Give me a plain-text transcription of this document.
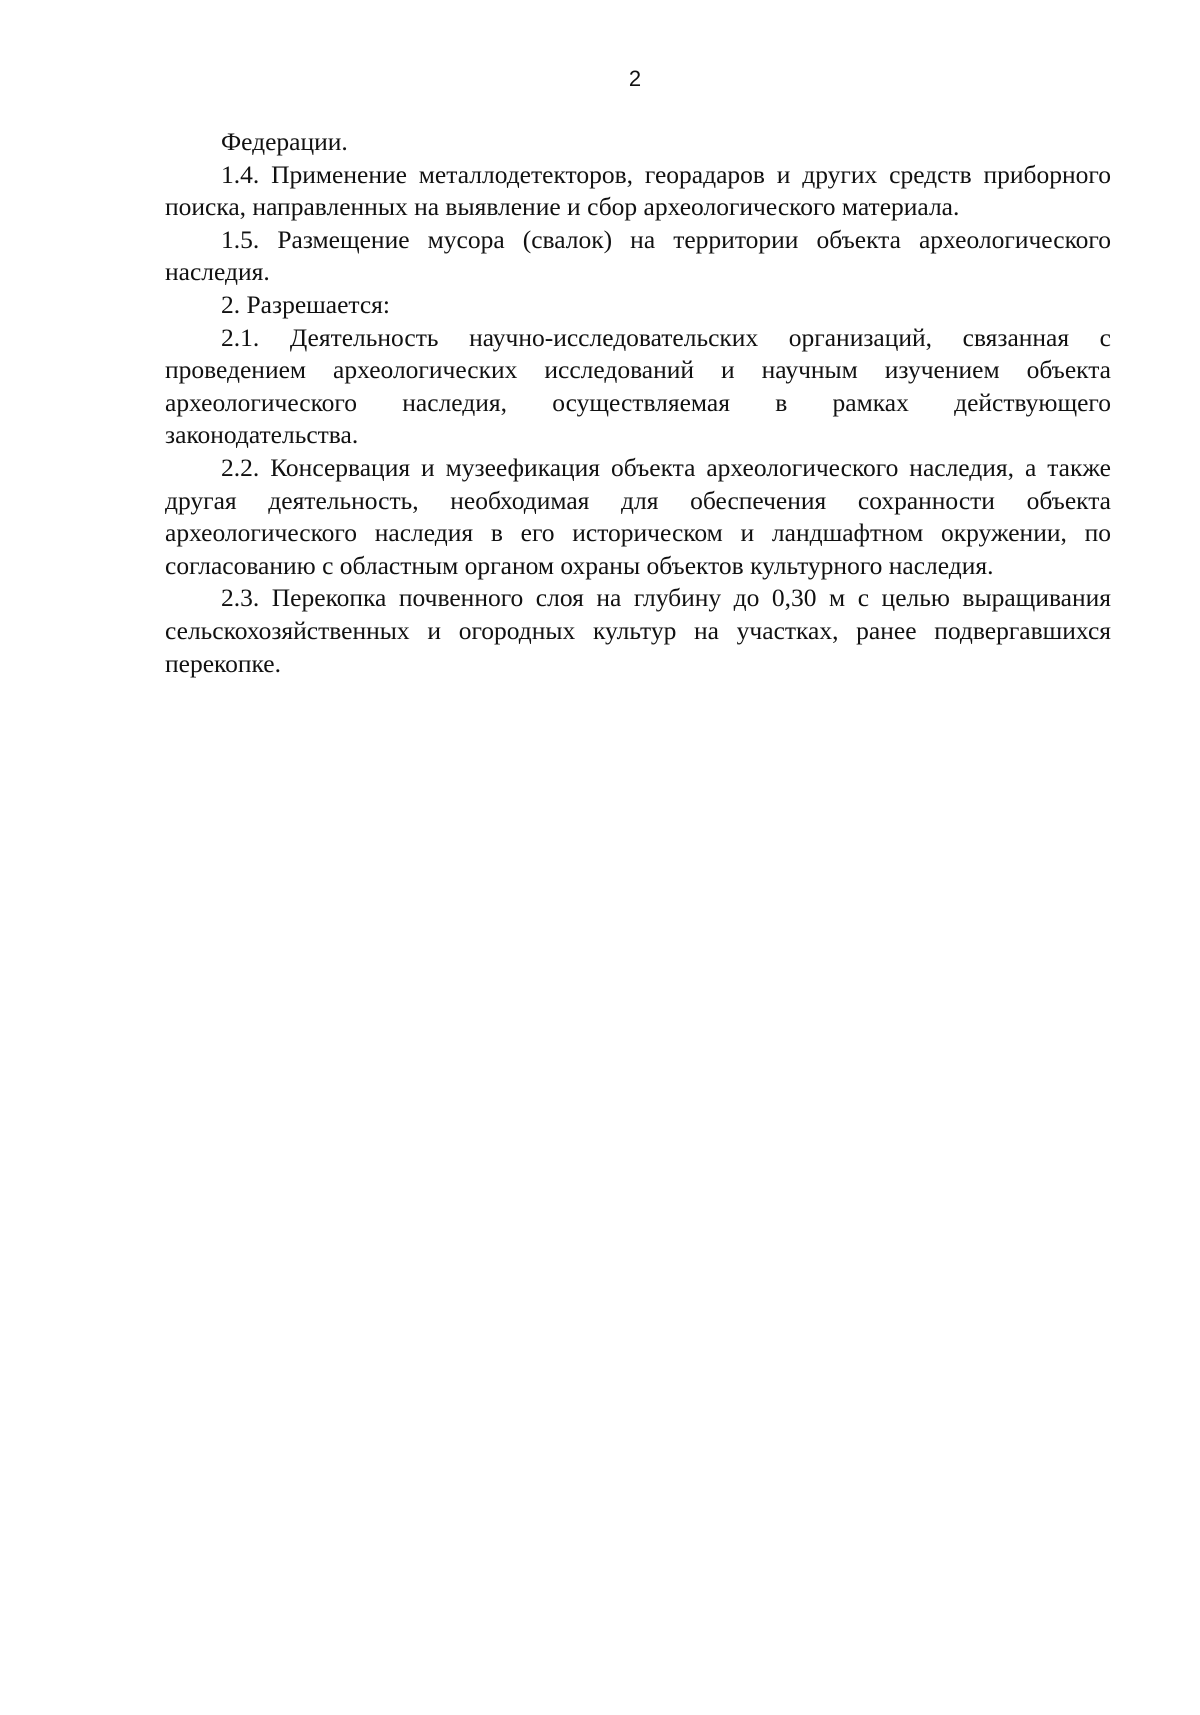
2

Федерации.

1.4. Применение металлодетекторов, георадаров и других средств приборного поиска, направленных на выявление и сбор археологического материала.

1.5. Размещение мусора (свалок) на территории объекта археологического наследия.

2. Разрешается:

2.1. Деятельность научно-исследовательских организаций, связанная с проведением археологических исследований и научным изучением объекта археологического наследия, осуществляемая в рамках действующего законодательства.

2.2. Консервация и музеефикация объекта археологического наследия, а также другая деятельность, необходимая для обеспечения сохранности объекта археологического наследия в его историческом и ландшафтном окружении, по согласованию с областным органом охраны объектов культурного наследия.

2.3. Перекопка почвенного слоя на глубину до 0,30 м с целью выращивания сельскохозяйственных и огородных культур на участках, ранее подвергавшихся перекопке.
